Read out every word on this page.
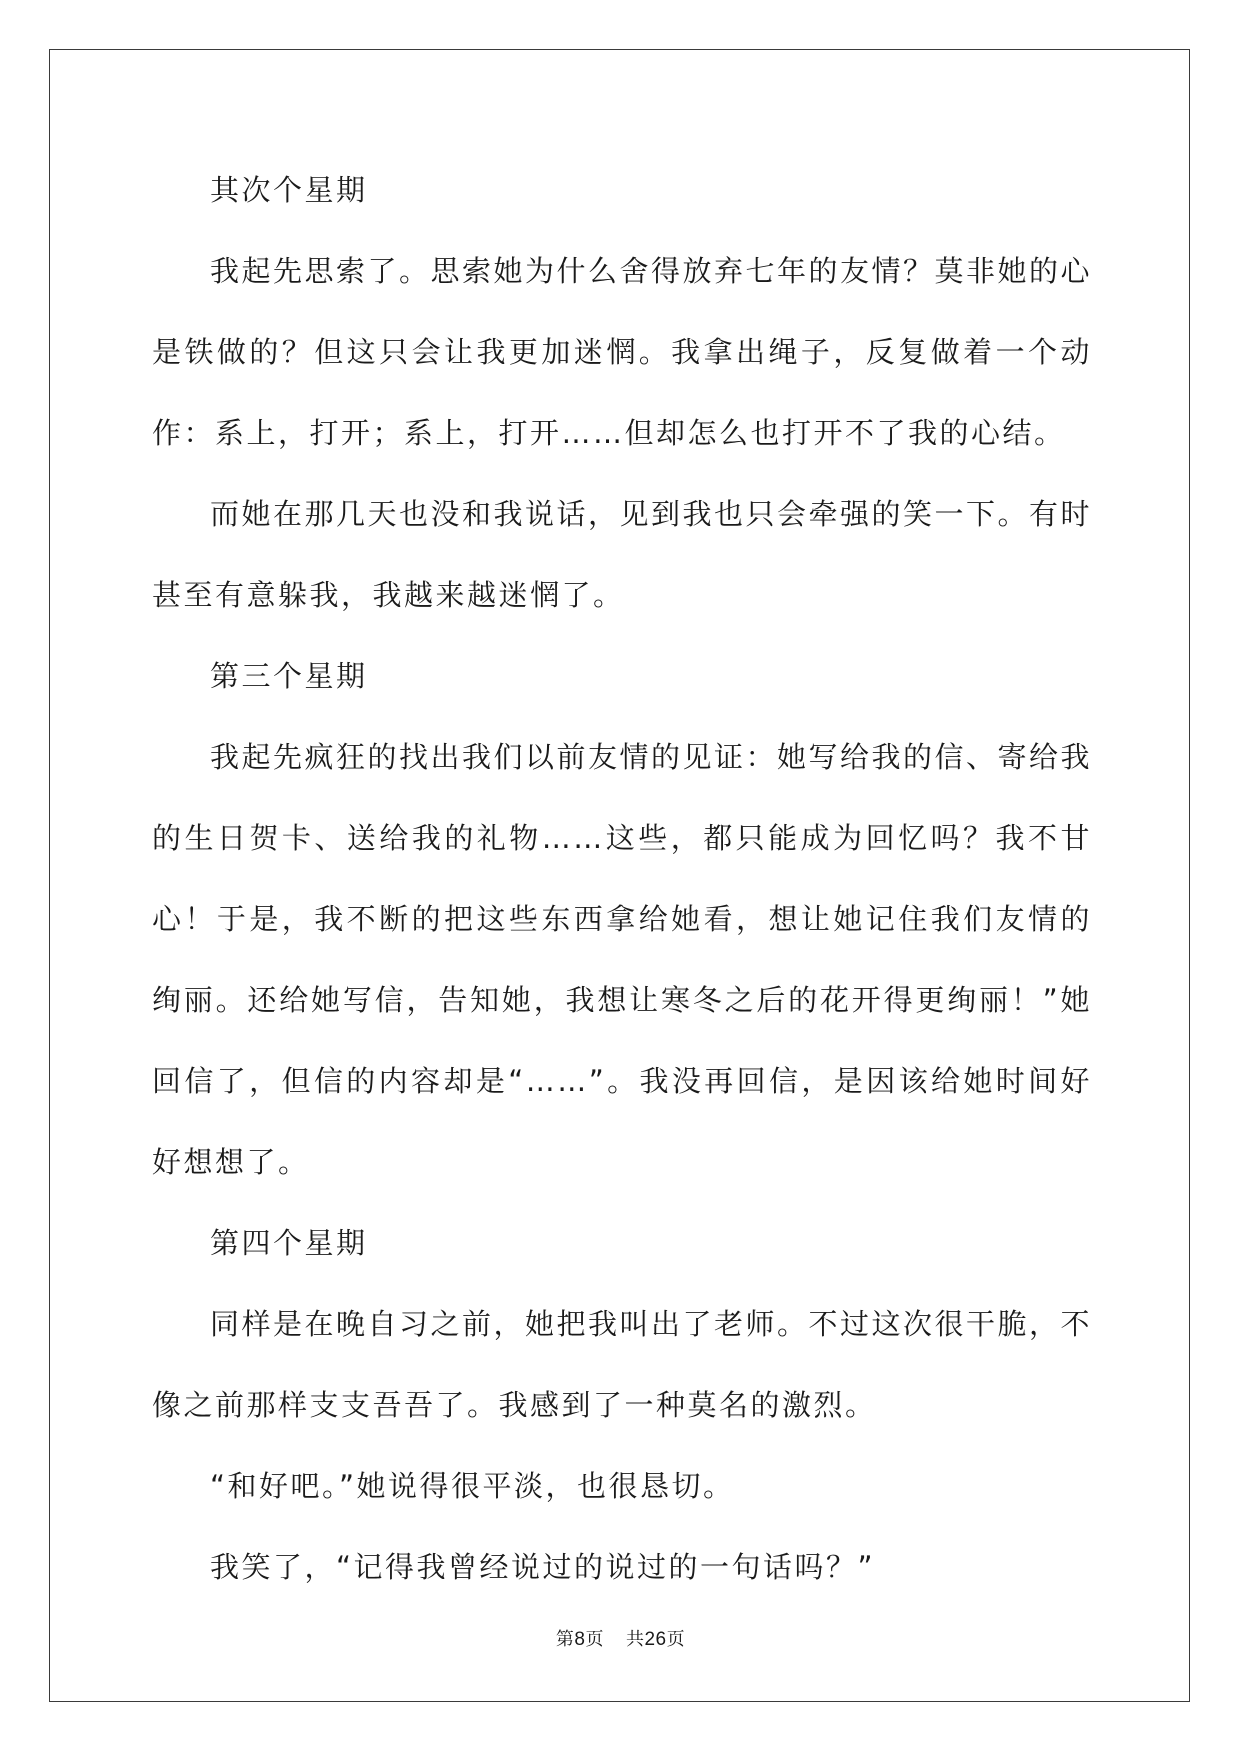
其次个星期

我起先思索了。思索她为什么舍得放弃七年的友情？莫非她的心是铁做的？但这只会让我更加迷惘。我拿出绳子，反复做着一个动作：系上，打开；系上，打开……但却怎么也打开不了我的心结。

而她在那几天也没和我说话，见到我也只会牵强的笑一下。有时甚至有意躲我，我越来越迷惘了。

第三个星期

我起先疯狂的找出我们以前友情的见证：她写给我的信、寄给我的生日贺卡、送给我的礼物……这些，都只能成为回忆吗？我不甘心！于是，我不断的把这些东西拿给她看，想让她记住我们友情的绚丽。还给她写信，告知她，我想让寒冬之后的花开得更绚丽！”她回信了，但信的内容却是“……”。我没再回信，是因该给她时间好好想想了。

第四个星期

同样是在晚自习之前，她把我叫出了老师。不过这次很干脆，不像之前那样支支吾吾了。我感到了一种莫名的激烈。

“和好吧。”她说得很平淡，也很恳切。

我笑了，“记得我曾经说过的说过的一句话吗？”

第8页 共26页
